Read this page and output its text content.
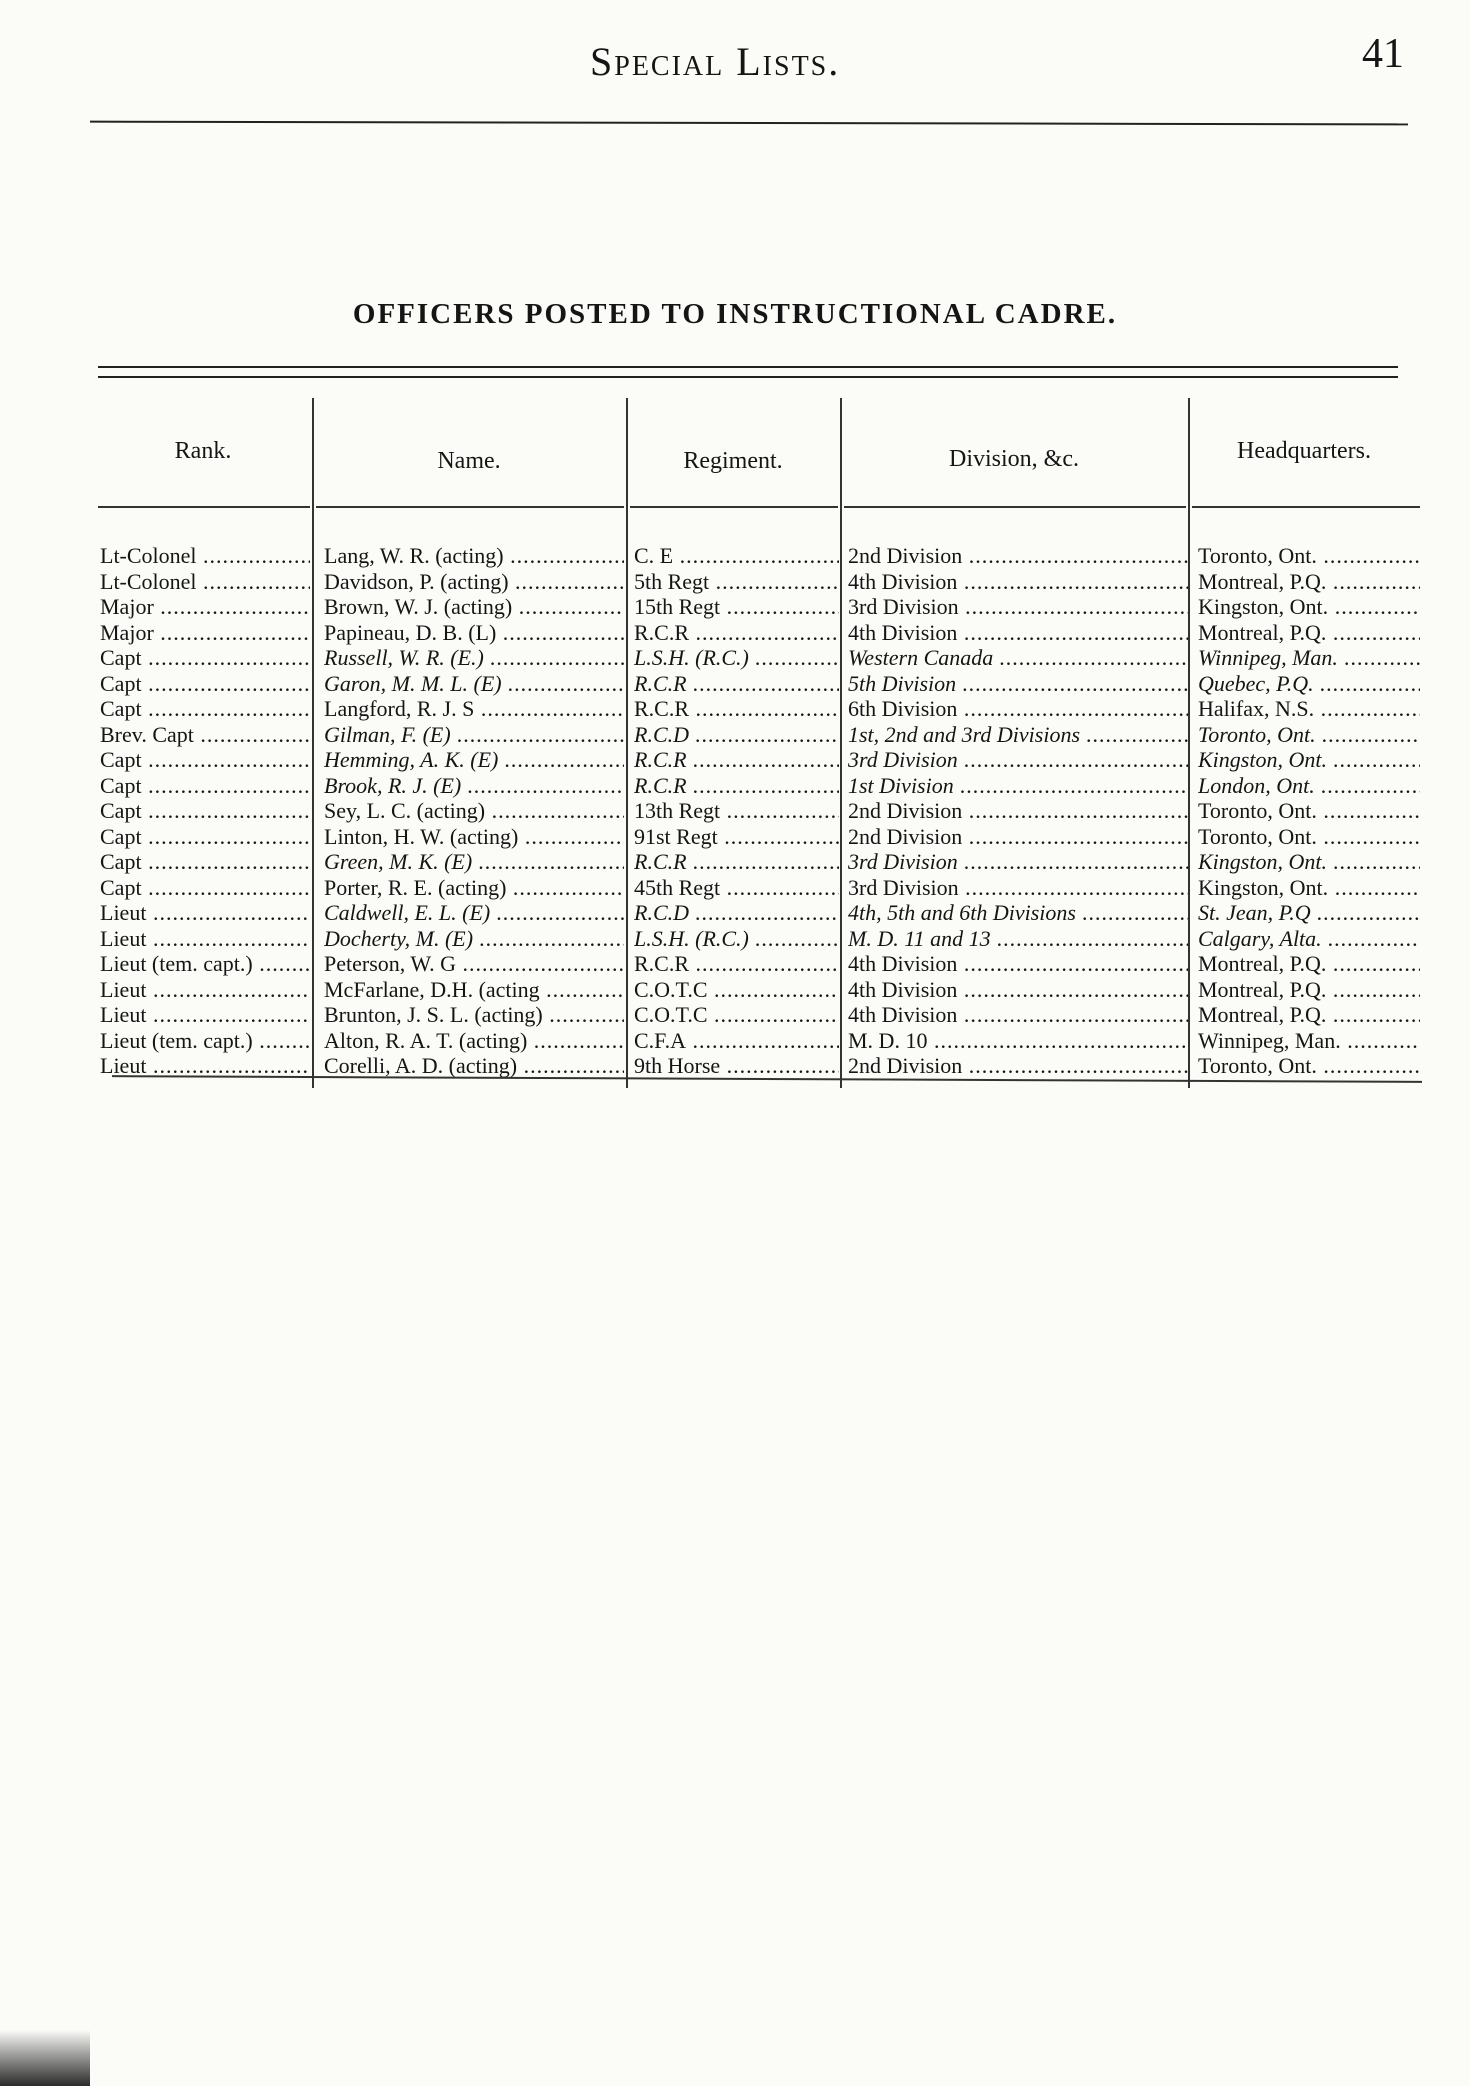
Special Lists.	41
OFFICERS POSTED TO INSTRUCTIONAL CADRE.
Rank.	Name.	Regiment.	Division, &c.	Headquarters.
Lt-Colonel .....	Lang, W. R. (acting) .....	C. E .....	2nd Division .....	Toronto, Ont. .....
Lt-Colonel .....	Davidson, P. (acting) .....	5th Regt .....	4th Division .....	Montreal, P.Q. .....
Major .....	Brown, W. J. (acting) .....	15th Regt .....	3rd Division .....	Kingston, Ont. .....
Major .....	Papineau, D. B. (L) .....	R.C.R .....	4th Division .....	Montreal, P.Q. .....
Capt .....	Russell, W. R. (E.) .....	L.S.H. (R.C.) .....	Western Canada .....	Winnipeg, Man. .....
Capt .....	Garon, M. M. L. (E) .....	R.C.R .....	5th Division .....	Quebec, P.Q. .....
Capt .....	Langford, R. J. S .....	R.C.R .....	6th Division .....	Halifax, N.S. .....
Brev. Capt .....	Gilman, F. (E) .....	R.C.D .....	1st, 2nd and 3rd Divisions .....	Toronto, Ont. .....
Capt .....	Hemming, A. K. (E) .....	R.C.R .....	3rd Division .....	Kingston, Ont. .....
Capt .....	Brook, R. J. (E) .....	R.C.R .....	1st Division .....	London, Ont. .....
Capt .....	Sey, L. C. (acting) .....	13th Regt .....	2nd Division .....	Toronto, Ont. .....
Capt .....	Linton, H. W. (acting) .....	91st Regt .....	2nd Division .....	Toronto, Ont. .....
Capt .....	Green, M. K. (E) .....	R.C.R .....	3rd Division .....	Kingston, Ont. .....
Capt .....	Porter, R. E. (acting) .....	45th Regt .....	3rd Division .....	Kingston, Ont. .....
Lieut .....	Caldwell, E. L. (E) .....	R.C.D .....	4th, 5th and 6th Divisions .....	St. Jean, P.Q .....
Lieut .....	Docherty, M. (E) .....	L.S.H. (R.C.) .....	M. D. 11 and 13 .....	Calgary, Alta. .....
Lieut (tem. capt.) .....	Peterson, W. G .....	R.C.R .....	4th Division .....	Montreal, P.Q. .....
Lieut .....	McFarlane, D.H. (acting .....	C.O.T.C .....	4th Division .....	Montreal, P.Q. .....
Lieut .....	Brunton, J. S. L. (acting) .....	C.O.T.C .....	4th Division .....	Montreal, P.Q. .....
Lieut (tem. capt.) .....	Alton, R. A. T. (acting) .....	C.F.A .....	M. D. 10 .....	Winnipeg, Man. .....
Lieut .....	Corelli, A. D. (acting) .....	9th Horse .....	2nd Division .....	Toronto, Ont. .....
